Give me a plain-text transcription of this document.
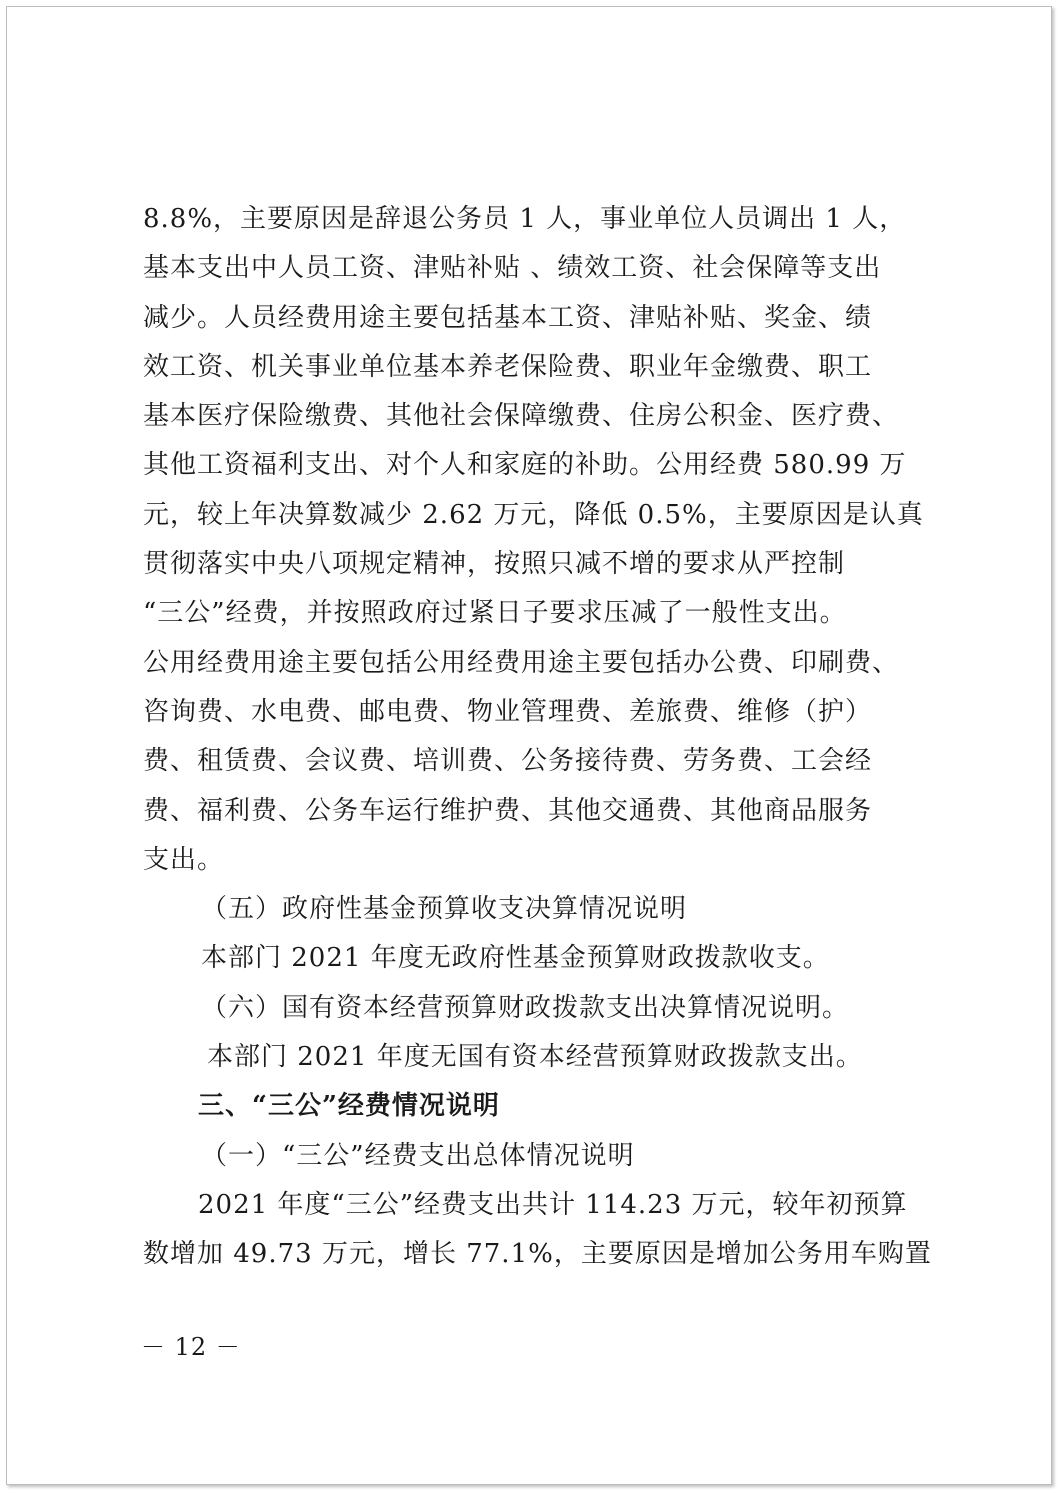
8.8%，主要原因是辞退公务员 1 人，事业单位人员调出 1 人，
基本支出中人员工资、津贴补贴 、绩效工资、社会保障等支出
减少。人员经费用途主要包括基本工资、津贴补贴、奖金、绩
效工资、机关事业单位基本养老保险费、职业年金缴费、职工
基本医疗保险缴费、其他社会保障缴费、住房公积金、医疗费、
其他工资福利支出、对个人和家庭的补助。公用经费 580.99 万
元，较上年决算数减少 2.62 万元，降低 0.5%，主要原因是认真
贯彻落实中央八项规定精神，按照只减不增的要求从严控制
“三公”经费，并按照政府过紧日子要求压减了一般性支出。
公用经费用途主要包括公用经费用途主要包括办公费、印刷费、
咨询费、水电费、邮电费、物业管理费、差旅费、维修（护）
费、租赁费、会议费、培训费、公务接待费、劳务费、工会经
费、福利费、公务车运行维护费、其他交通费、其他商品服务
支出。
（五）政府性基金预算收支决算情况说明
本部门 2021 年度无政府性基金预算财政拨款收支。
（六）国有资本经营预算财政拨款支出决算情况说明。
本部门 2021 年度无国有资本经营预算财政拨款支出。
三、“三公”经费情况说明
（一）“三公”经费支出总体情况说明
2021 年度“三公”经费支出共计 114.23 万元，较年初预算
数增加 49.73 万元，增长 77.1%，主要原因是增加公务用车购置
－ 12 －
